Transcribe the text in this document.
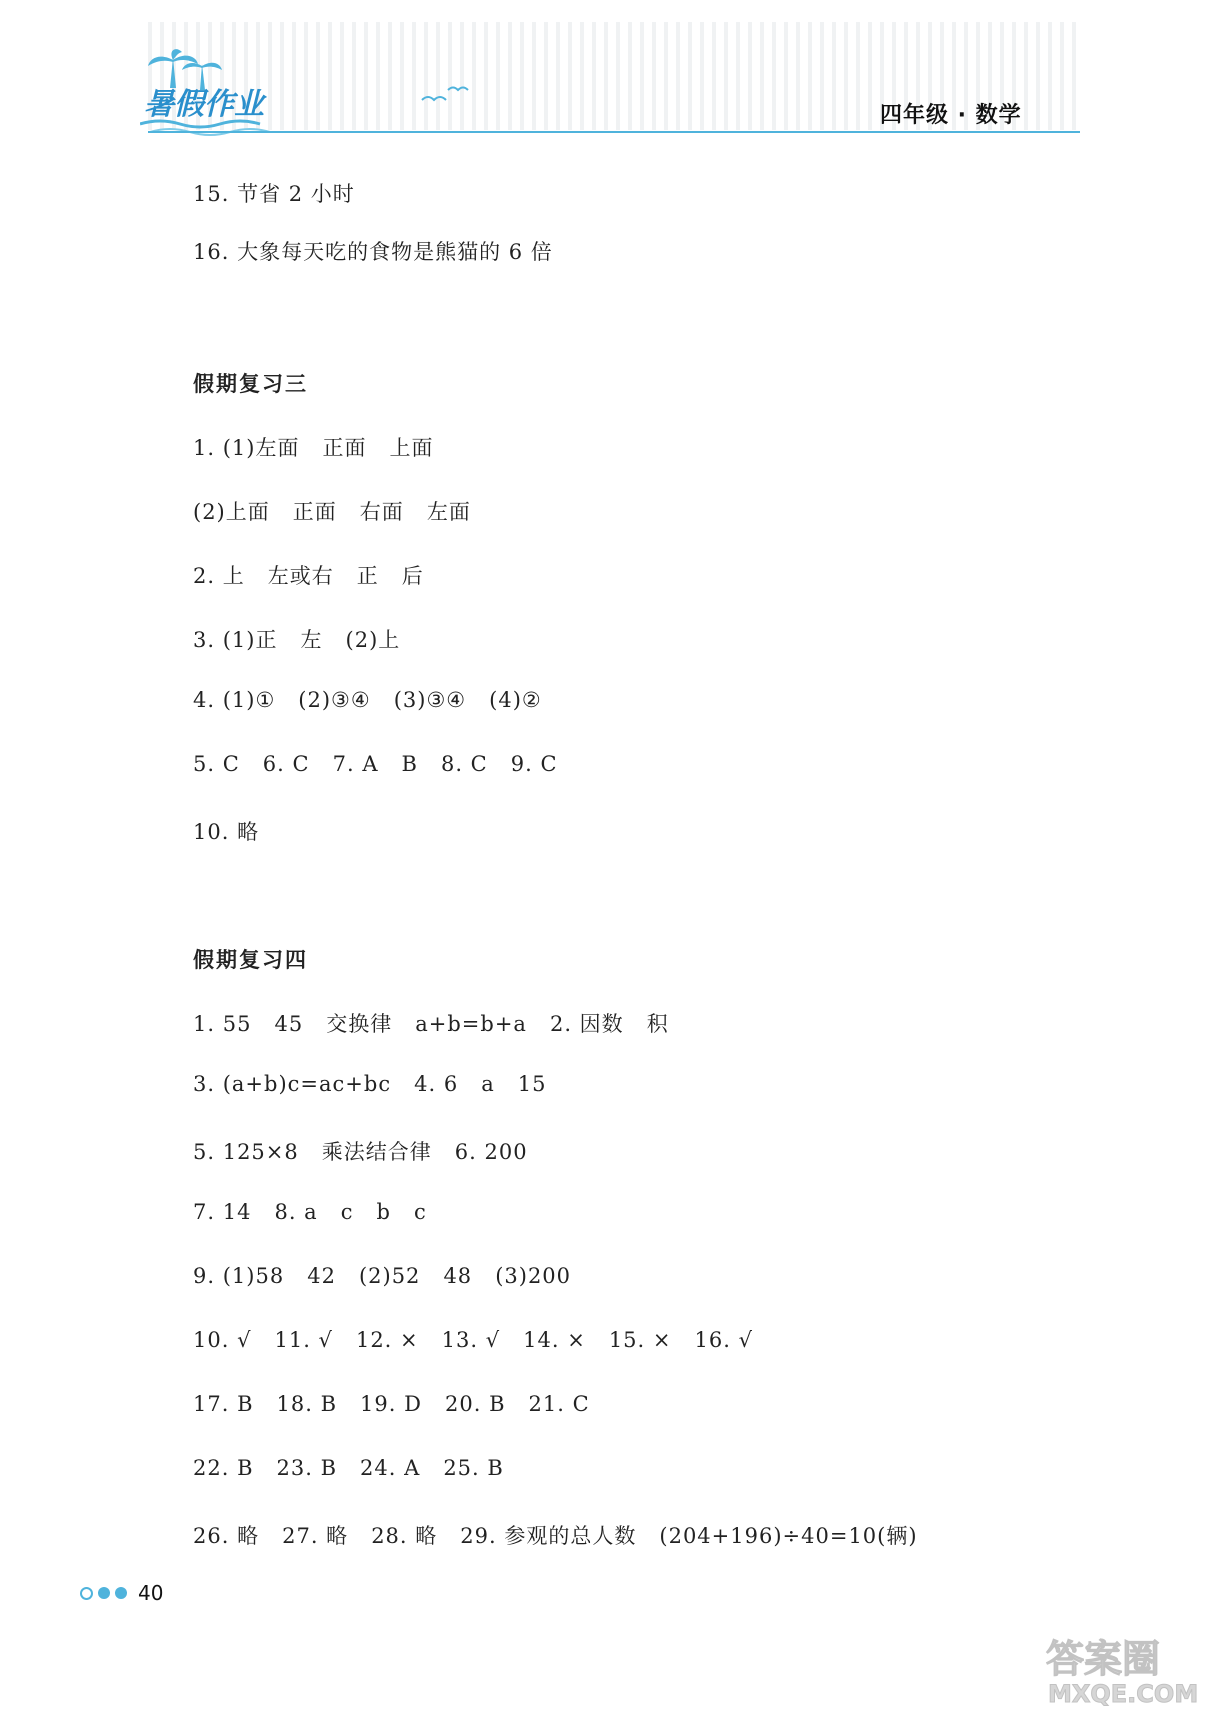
暑假作业	四年级 · 数学
15. 节省 2 小时
16. 大象每天吃的食物是熊猫的 6 倍
假期复习三
1. (1)左面   正面   上面
(2)上面   正面   右面   左面
2. 上   左或右   正   后
3. (1)正   左   (2)上
4. (1)①   (2)③④   (3)③④   (4)②
5. C   6. C   7. A   B   8. C   9. C
10. 略
假期复习四
1. 55   45   交换律   a+b=b+a   2. 因数   积
3. (a+b)c=ac+bc   4. 6   a   15
5. 125×8   乘法结合律   6. 200
7. 14   8. a   c   b   c
9. (1)58   42   (2)52   48   (3)200
10. √   11. √   12. ×   13. √   14. ×   15. ×   16. √
17. B   18. B   19. D   20. B   21. C
22. B   23. B   24. A   25. B
26. 略   27. 略   28. 略   29. 参观的总人数   (204+196)÷40=10(辆)
40
答案圈
MXQE.COM
